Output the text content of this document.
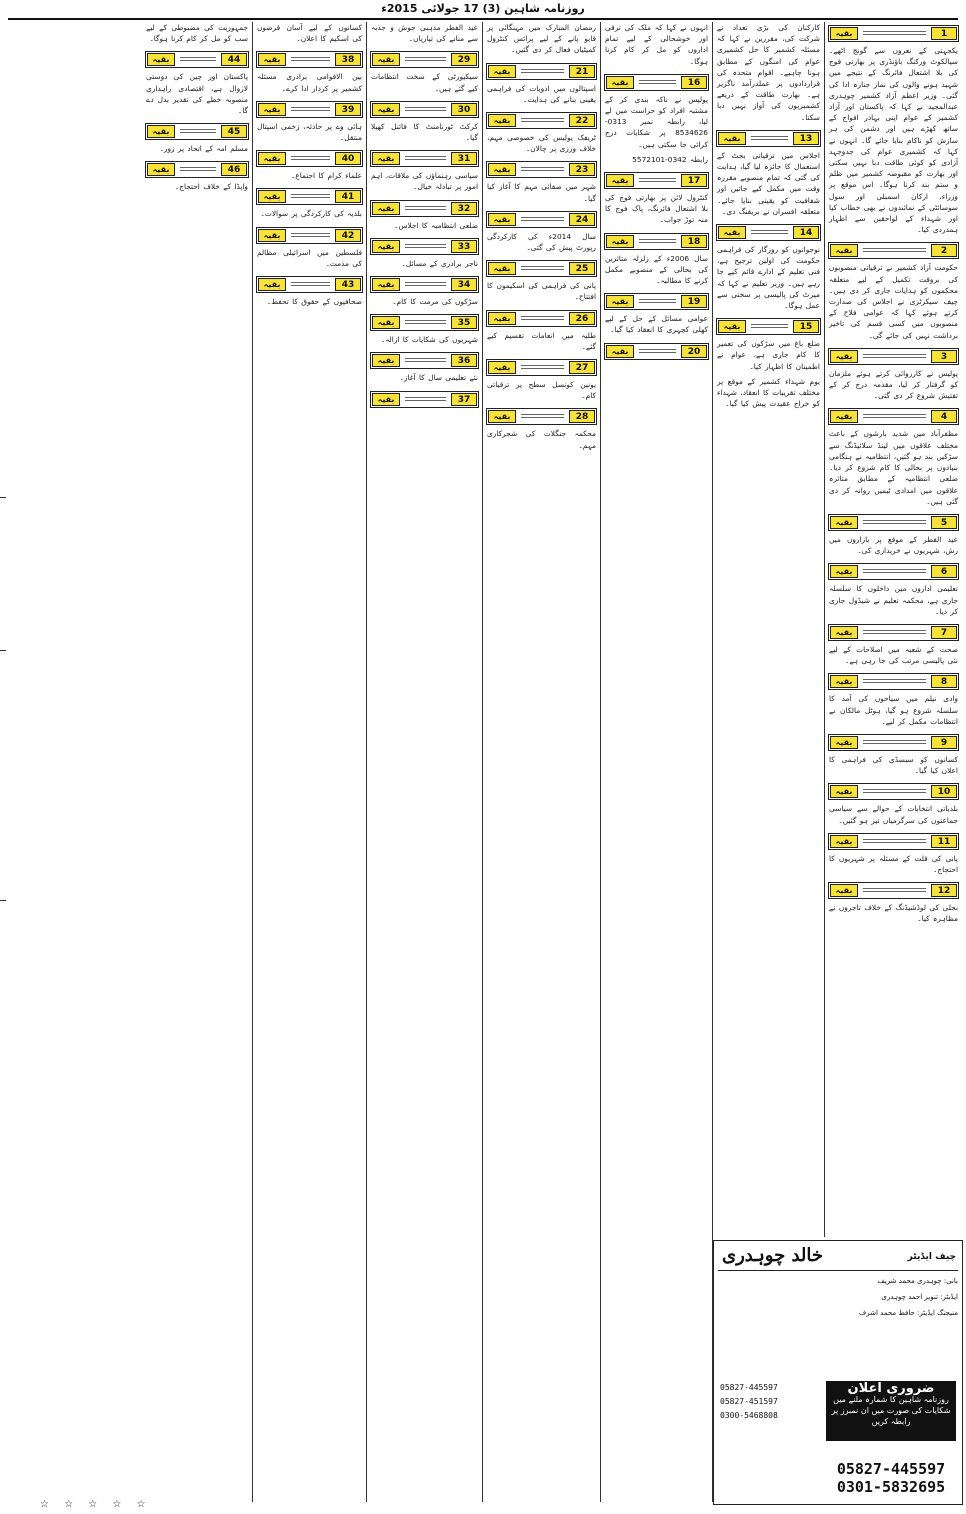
روزنامہ شاہین (3) 17 جولائی 2015ء
1
بقیہ
یکجہتی کے نعروں سے گونج اٹھے۔ سیالکوٹ ورکنگ باؤنڈری پر بھارتی فوج کی بلا اشتعال فائرنگ کے نتیجے میں شہید ہونے والوں کی نماز جنازہ ادا کی گئی۔ وزیر اعظم آزاد کشمیر چوہدری عبدالمجید نے کہا کہ پاکستان اور آزاد کشمیر کے عوام اپنی بہادر افواج کے ساتھ کھڑے ہیں اور دشمن کی ہر سازش کو ناکام بنایا جائے گا۔ انہوں نے کہا کہ کشمیری عوام کی جدوجہد آزادی کو کوئی طاقت دبا نہیں سکتی اور بھارت کو مقبوضہ کشمیر میں ظلم و ستم بند کرنا ہوگا۔ اس موقع پر وزراء، ارکان اسمبلی اور سول سوسائٹی کے نمائندوں نے بھی خطاب کیا اور شہداء کے لواحقین سے اظہار ہمدردی کیا۔
2
بقیہ
حکومت آزاد کشمیر نے ترقیاتی منصوبوں کی بروقت تکمیل کے لیے متعلقہ محکموں کو ہدایات جاری کر دی ہیں۔ چیف سیکرٹری نے اجلاس کی صدارت کرتے ہوئے کہا کہ عوامی فلاح کے منصوبوں میں کسی قسم کی تاخیر برداشت نہیں کی جائے گی۔
3
بقیہ
پولیس نے کارروائی کرتے ہوئے ملزمان کو گرفتار کر لیا، مقدمہ درج کر کے تفتیش شروع کر دی گئی۔
4
بقیہ
مظفرآباد میں شدید بارشوں کے باعث مختلف علاقوں میں لینڈ سلائیڈنگ سے سڑکیں بند ہو گئیں، انتظامیہ نے ہنگامی بنیادوں پر بحالی کا کام شروع کر دیا۔ ضلعی انتظامیہ کے مطابق متاثرہ علاقوں میں امدادی ٹیمیں روانہ کر دی گئی ہیں۔
5
بقیہ
عید الفطر کے موقع پر بازاروں میں رش، شہریوں نے خریداری کی۔
6
بقیہ
تعلیمی اداروں میں داخلوں کا سلسلہ جاری ہے، محکمہ تعلیم نے شیڈول جاری کر دیا۔
7
بقیہ
صحت کے شعبہ میں اصلاحات کے لیے نئی پالیسی مرتب کی جا رہی ہے۔
8
بقیہ
وادی نیلم میں سیاحوں کی آمد کا سلسلہ شروع ہو گیا، ہوٹل مالکان نے انتظامات مکمل کر لیے۔
9
بقیہ
کسانوں کو سبسڈی کی فراہمی کا اعلان کیا گیا۔
10
بقیہ
بلدیاتی انتخابات کے حوالے سے سیاسی جماعتوں کی سرگرمیاں تیز ہو گئیں۔
11
بقیہ
پانی کی قلت کے مسئلہ پر شہریوں کا احتجاج۔
12
بقیہ
بجلی کی لوڈشیڈنگ کے خلاف تاجروں نے مظاہرہ کیا۔
کارکنان کی بڑی تعداد نے شرکت کی، مقررین نے کہا کہ مسئلہ کشمیر کا حل کشمیری عوام کی امنگوں کے مطابق ہونا چاہیے۔ اقوام متحدہ کی قراردادوں پر عملدرآمد ناگزیر ہے۔ بھارت طاقت کے ذریعے کشمیریوں کی آواز نہیں دبا سکتا۔
13
بقیہ
اجلاس میں ترقیاتی بجٹ کے استعمال کا جائزہ لیا گیا، ہدایت کی گئی کہ تمام منصوبے مقررہ وقت میں مکمل کیے جائیں اور شفافیت کو یقینی بنایا جائے۔ متعلقہ افسران نے بریفنگ دی۔
14
بقیہ
نوجوانوں کو روزگار کی فراہمی حکومت کی اولین ترجیح ہے، فنی تعلیم کے ادارے قائم کیے جا رہے ہیں۔ وزیر تعلیم نے کہا کہ میرٹ کی پالیسی پر سختی سے عمل ہوگا۔
15
بقیہ
ضلع باغ میں سڑکوں کی تعمیر کا کام جاری ہے، عوام نے اطمینان کا اظہار کیا۔
یوم شہداء کشمیر کے موقع پر مختلف تقریبات کا انعقاد، شہداء کو خراج عقیدت پیش کیا گیا۔
انہوں نے کہا کہ ملک کی ترقی اور خوشحالی کے لیے تمام اداروں کو مل کر کام کرنا ہوگا۔
16
بقیہ
پولیس نے ناکہ بندی کر کے مشتبہ افراد کو حراست میں لے لیا، رابطہ نمبر 0313-8534626 پر شکایات درج کرائی جا سکتی ہیں۔
رابطہ 0342-5572101
17
بقیہ
کنٹرول لائن پر بھارتی فوج کی بلا اشتعال فائرنگ، پاک فوج کا منہ توڑ جواب۔
18
بقیہ
سال 2006ء کے زلزلہ متاثرین کی بحالی کے منصوبے مکمل کرنے کا مطالبہ۔
19
بقیہ
عوامی مسائل کے حل کے لیے کھلی کچہری کا انعقاد کیا گیا۔
20
بقیہ
رمضان المبارک میں مہنگائی پر قابو پانے کے لیے پرائس کنٹرول کمیٹیاں فعال کر دی گئیں۔
21
بقیہ
اسپتالوں میں ادویات کی فراہمی یقینی بنانے کی ہدایت۔
22
بقیہ
ٹریفک پولیس کی خصوصی مہم، خلاف ورزی پر چالان۔
23
بقیہ
شہر میں صفائی مہم کا آغاز کیا گیا۔
24
بقیہ
سال 2014ء کی کارکردگی رپورٹ پیش کی گئی۔
25
بقیہ
پانی کی فراہمی کی اسکیموں کا افتتاح۔
26
بقیہ
طلبہ میں انعامات تقسیم کیے گئے۔
27
بقیہ
یونین کونسل سطح پر ترقیاتی کام۔
28
بقیہ
محکمہ جنگلات کی شجرکاری مہم۔
عید الفطر مذہبی جوش و جذبہ سے منانے کی تیاریاں۔
29
بقیہ
سیکیورٹی کے سخت انتظامات کیے گئے ہیں۔
30
بقیہ
کرکٹ ٹورنامنٹ کا فائنل کھیلا گیا۔
31
بقیہ
سیاسی رہنماؤں کی ملاقات، اہم امور پر تبادلہ خیال۔
32
بقیہ
ضلعی انتظامیہ کا اجلاس۔
33
بقیہ
تاجر برادری کے مسائل۔
34
بقیہ
سڑکوں کی مرمت کا کام۔
35
بقیہ
شہریوں کی شکایات کا ازالہ۔
36
بقیہ
نئے تعلیمی سال کا آغاز۔
37
بقیہ
کسانوں کے لیے آسان قرضوں کی اسکیم کا اعلان۔
38
بقیہ
بین الاقوامی برادری مسئلہ کشمیر پر کردار ادا کرے۔
39
بقیہ
ہائی وے پر حادثہ، زخمی اسپتال منتقل۔
40
بقیہ
علماء کرام کا اجتماع۔
41
بقیہ
بلدیہ کی کارکردگی پر سوالات۔
42
بقیہ
فلسطین میں اسرائیلی مظالم کی مذمت۔
43
بقیہ
صحافیوں کے حقوق کا تحفظ۔
جمہوریت کی مضبوطی کے لیے سب کو مل کر کام کرنا ہوگا۔
44
بقیہ
پاکستان اور چین کی دوستی لازوال ہے، اقتصادی راہداری منصوبہ خطے کی تقدیر بدل دے گا۔
45
بقیہ
مسلم امہ کے اتحاد پر زور۔
46
بقیہ
واپڈا کے خلاف احتجاج۔
چیف ایڈیٹر
خالد چوہدری
بانی: چوہدری محمد شریف
ایڈیٹر: تنویر احمد چوہدری
منیجنگ ایڈیٹر: حافظ محمد اشرف
ضروری اعلان
روزنامہ شاہین کا شمارہ ملنے میں شکایات کی صورت میں ان نمبرز پر رابطہ کریں
05827-445597
05827-451597
0300-5468808
05827-445597
0301-5832695
☆ ☆ ☆ ☆ ☆
